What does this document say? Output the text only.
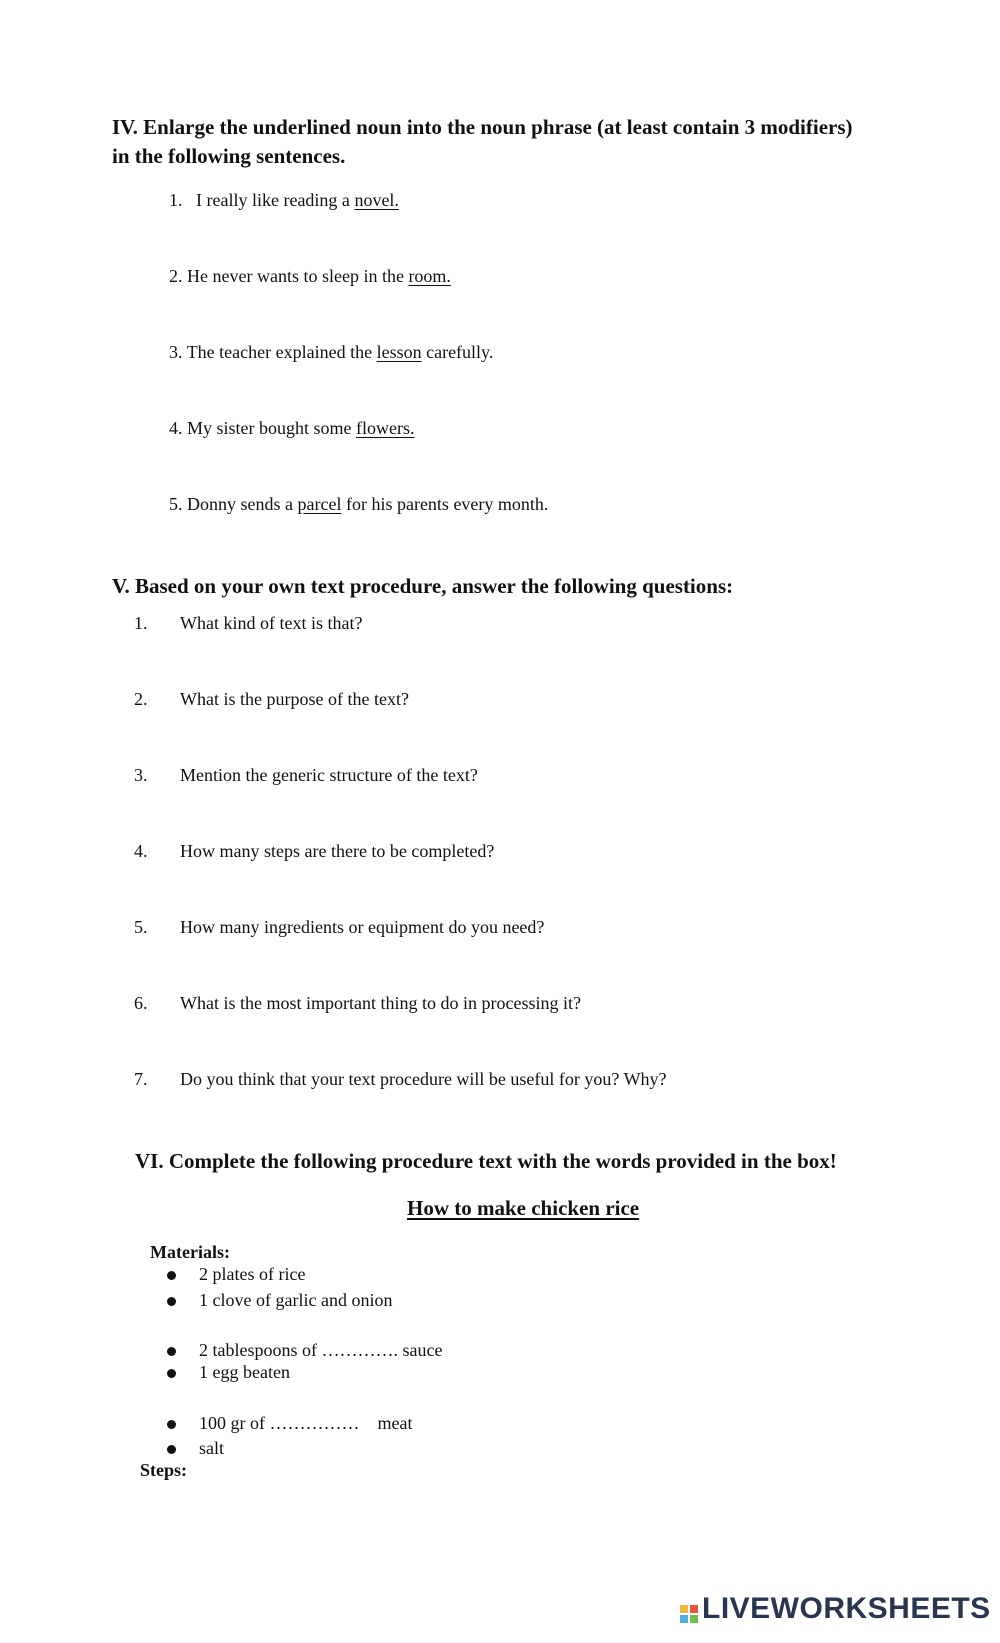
IV. Enlarge the underlined noun into the noun phrase (at least contain 3 modifiers)
in the following sentences.
1. I really like reading a novel.
2. He never wants to sleep in the room.
3. The teacher explained the lesson carefully.
4. My sister bought some flowers.
5. Donny sends a parcel for his parents every month.
V. Based on your own text procedure, answer the following questions:
1. What kind of text is that?
2. What is the purpose of the text?
3. Mention the generic structure of the text?
4. How many steps are there to be completed?
5. How many ingredients or equipment do you need?
6. What is the most important thing to do in processing it?
7. Do you think that your text procedure will be useful for you? Why?
VI. Complete the following procedure text with the words provided in the box!
How to make chicken rice
Materials:
2 plates of rice
1 clove of garlic and onion
2 tablespoons of …………. sauce
1 egg beaten
100 gr of ……………    meat
salt
Steps:
LIVEWORKSHEETS
